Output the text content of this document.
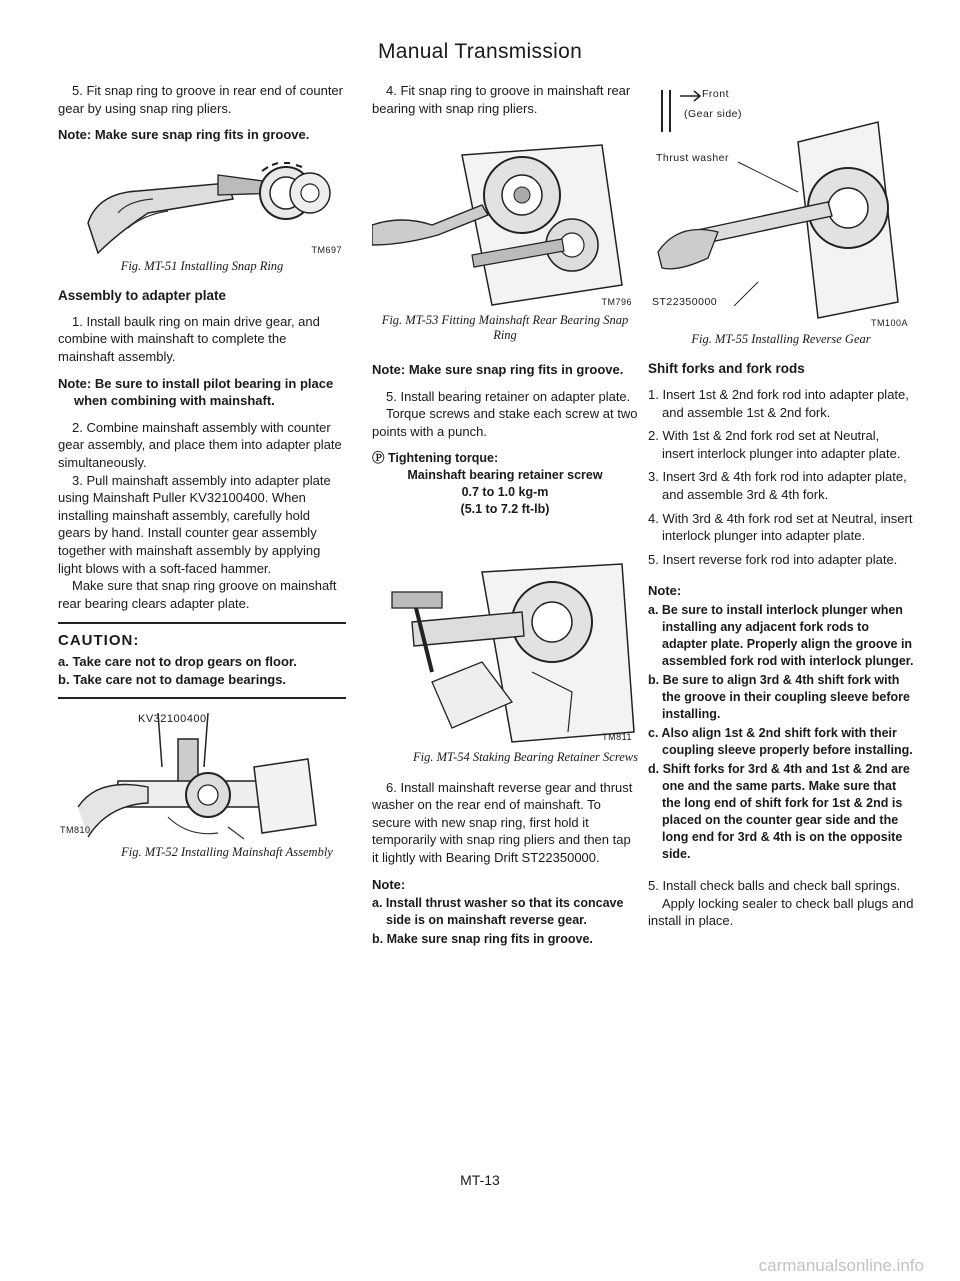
Manual Transmission

5. Fit snap ring to groove in rear end of counter gear by using snap ring pliers.

Note: Make sure snap ring fits in groove.

TM697
Fig. MT-51 Installing Snap Ring
Assembly to adapter plate

1. Install baulk ring on main drive gear, and combine with mainshaft to complete the mainshaft assembly.

Note: Be sure to install pilot bearing in place when combining with mainshaft.

2. Combine mainshaft assembly with counter gear assembly, and place them into adapter plate simultaneously.

3. Pull mainshaft assembly into adapter plate using Mainshaft Puller KV32100400. When installing mainshaft assembly, carefully hold gears by hand. Install counter gear assembly together with mainshaft assembly by applying light blows with a soft-faced hammer.

Make sure that snap ring groove on mainshaft rear bearing clears adapter plate.

CAUTION:
a. Take care not to drop gears on floor.
b. Take care not to damage bearings.
KV32100400
TM810
Fig. MT-52 Installing Mainshaft Assembly

4. Fit snap ring to groove in mainshaft rear bearing with snap ring pliers.

TM796
Fig. MT-53 Fitting Mainshaft Rear Bearing Snap Ring

Note: Make sure snap ring fits in groove.

5. Install bearing retainer on adapter plate.

Torque screws and stake each screw at two points with a punch.

Ⓟ Tightening torque:
Mainshaft bearing retainer screw
0.7 to 1.0 kg-m
(5.1 to 7.2 ft-lb)
TM811
Fig. MT-54 Staking Bearing Retainer Screws

6. Install mainshaft reverse gear and thrust washer on the rear end of mainshaft. To secure with new snap ring, first hold it temporarily with snap ring pliers and then tap it lightly with Bearing Drift ST22350000.

Note:

a. Install thrust washer so that its concave side is on mainshaft reverse gear.
b. Make sure snap ring fits in groove.
Front
(Gear side)
Thrust washer
ST22350000
TM100A
Fig. MT-55 Installing Reverse Gear
Shift forks and fork rods
1. Insert 1st & 2nd fork rod into adapter plate, and assemble 1st & 2nd fork.
2. With 1st & 2nd fork rod set at Neutral, insert interlock plunger into adapter plate.
3. Insert 3rd & 4th fork rod into adapter plate, and assemble 3rd & 4th fork.
4. With 3rd & 4th fork rod set at Neutral, insert interlock plunger into adapter plate.
5. Insert reverse fork rod into adapter plate.

Note:

a. Be sure to install interlock plunger when installing any adjacent fork rods to adapter plate. Properly align the groove in assembled fork rod with interlock plunger.
b. Be sure to align 3rd & 4th shift fork with the groove in their coupling sleeve before installing.
c. Also align 1st & 2nd shift fork with their coupling sleeve properly before installing.
d. Shift forks for 3rd & 4th and 1st & 2nd are one and the same parts. Make sure that the long end of shift fork for 1st & 2nd is placed on the counter gear side and the long end for 3rd & 4th is on the opposite side.
5. Install check balls and check ball springs.

Apply locking sealer to check ball plugs and install in place.

MT-13
carmanualsonline.info
